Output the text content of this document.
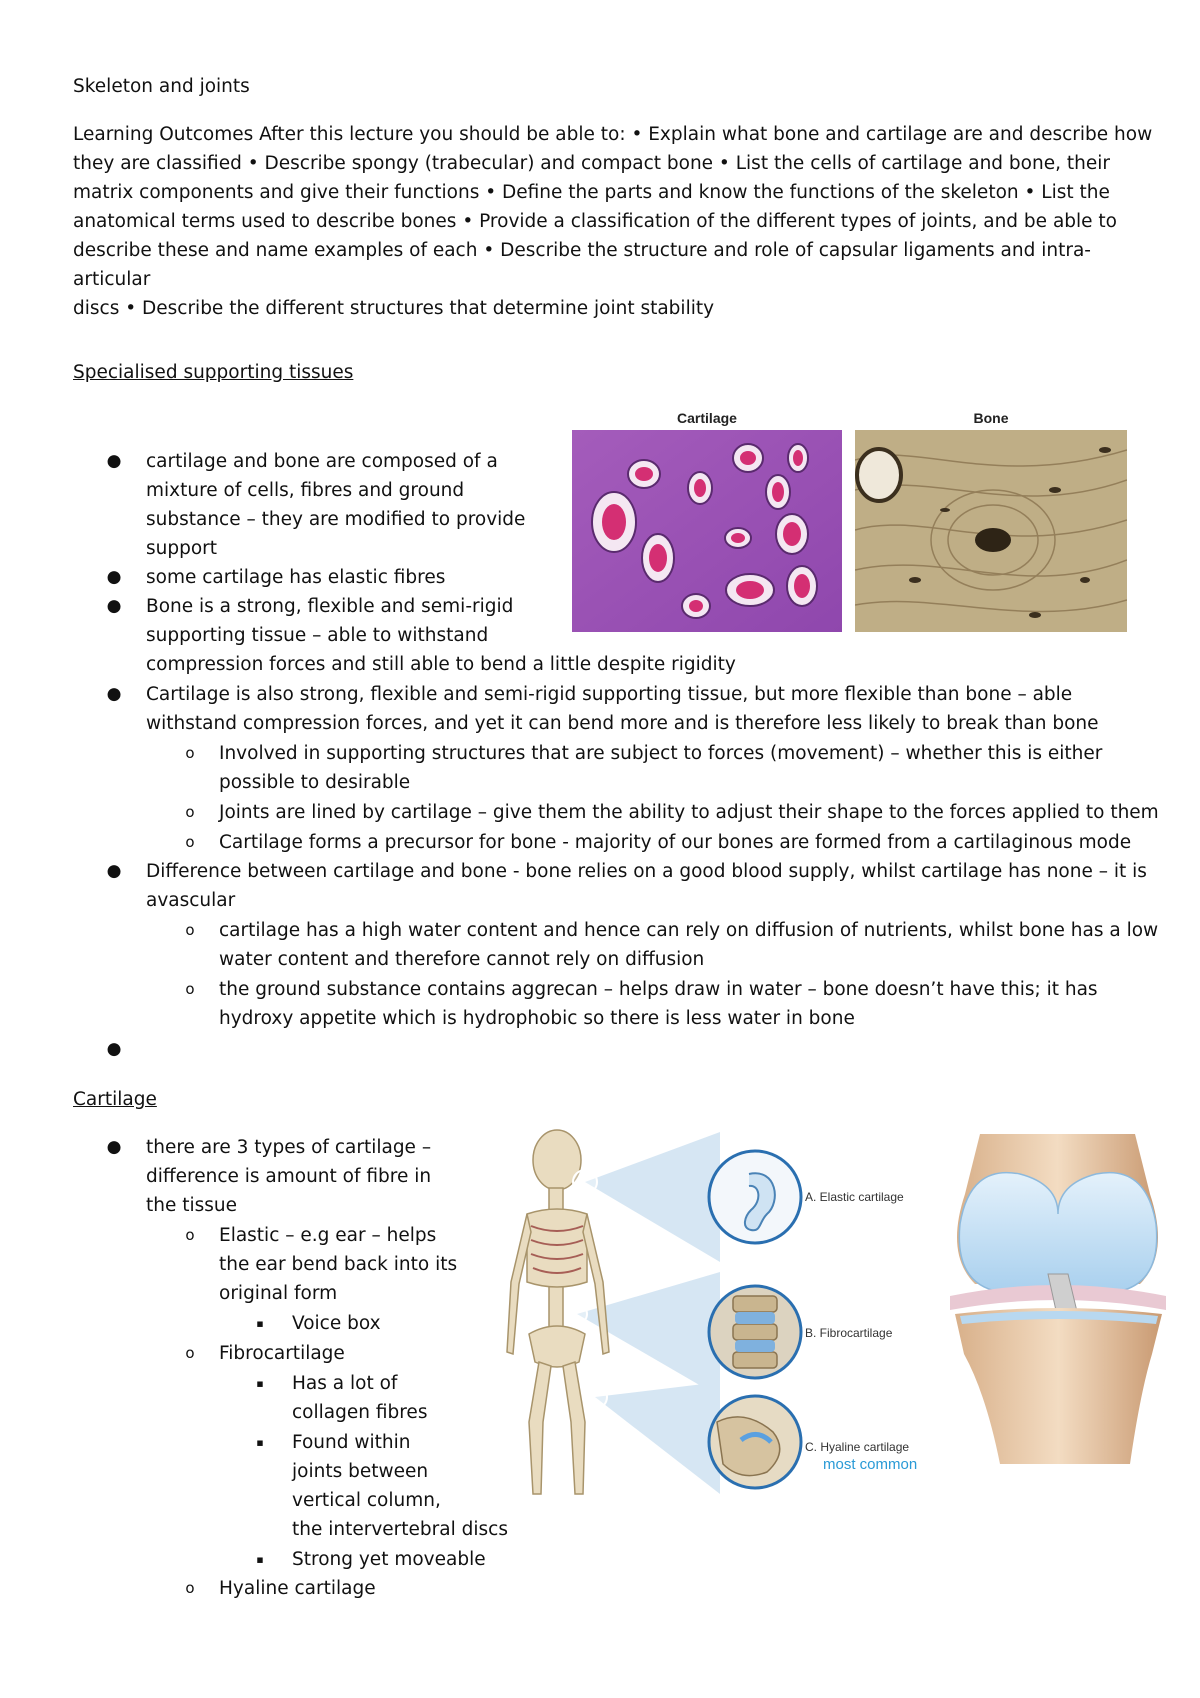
Skeleton and joints
Learning Outcomes After this lecture you should be able to: • Explain what bone and cartilage are and describe how
they are classified • Describe spongy (trabecular) and compact bone • List the cells of cartilage and bone, their
matrix components and give their functions • Define the parts and know the functions of the skeleton • List the
anatomical terms used to describe bones • Provide a classification of the different types of joints, and be able to
describe these and name examples of each • Describe the structure and role of capsular ligaments and intra-articular
discs • Describe the different structures that determine joint stability
Specialised supporting tissues
Cartilage	Bone
● cartilage and bone are composed of a
mixture of cells, fibres and ground
substance – they are modified to provide
support
● some cartilage has elastic fibres
● Bone is a strong, flexible and semi-rigid
supporting tissue – able to withstand
compression forces and still able to bend a little despite rigidity
● Cartilage is also strong, flexible and semi-rigid supporting tissue, but more flexible than bone – able
withstand compression forces, and yet it can bend more and is therefore less likely to break than bone
o Involved in supporting structures that are subject to forces (movement) – whether this is either
possible to desirable
o Joints are lined by cartilage – give them the ability to adjust their shape to the forces applied to them
o Cartilage forms a precursor for bone - majority of our bones are formed from a cartilaginous mode
● Difference between cartilage and bone - bone relies on a good blood supply, whilst cartilage has none – it is
avascular
o cartilage has a high water content and hence can rely on diffusion of nutrients, whilst bone has a low
water content and therefore cannot rely on diffusion
o the ground substance contains aggrecan – helps draw in water – bone doesn’t have this; it has
hydroxy appetite which is hydrophobic so there is less water in bone
●
Cartilage
● there are 3 types of cartilage –
difference is amount of fibre in
the tissue
o Elastic – e.g ear – helps
the ear bend back into its
original form
▪	Voice box
o Fibrocartilage
▪	Has a lot of
collagen fibres
▪	Found within
joints between
vertical column,
the intervertebral discs
▪	Strong yet moveable
o Hyaline cartilage
A. Elastic cartilage
B. Fibrocartilage
C. Hyaline cartilage
most common
